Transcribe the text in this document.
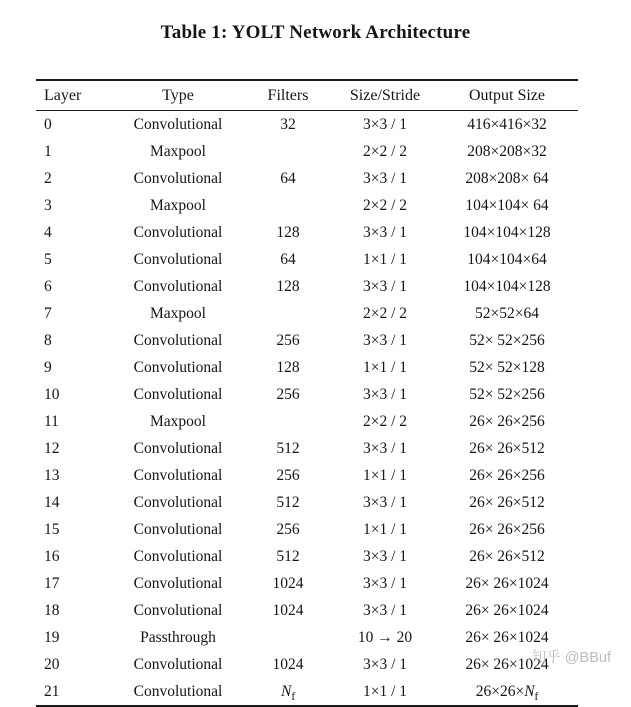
Table 1: YOLT Network Architecture
Layer	Type	Filters	Size/Stride	Output Size
0	Convolutional	32	3×3 / 1	416×416×32
1	Maxpool		2×2 / 2	208×208×32
2	Convolutional	64	3×3 / 1	208×208× 64
3	Maxpool		2×2 / 2	104×104× 64
4	Convolutional	128	3×3 / 1	104×104×128
5	Convolutional	64	1×1 / 1	104×104×64
6	Convolutional	128	3×3 / 1	104×104×128
7	Maxpool		2×2 / 2	52×52×64
8	Convolutional	256	3×3 / 1	52× 52×256
9	Convolutional	128	1×1 / 1	52× 52×128
10	Convolutional	256	3×3 / 1	52× 52×256
11	Maxpool		2×2 / 2	26× 26×256
12	Convolutional	512	3×3 / 1	26× 26×512
13	Convolutional	256	1×1 / 1	26× 26×256
14	Convolutional	512	3×3 / 1	26× 26×512
15	Convolutional	256	1×1 / 1	26× 26×256
16	Convolutional	512	3×3 / 1	26× 26×512
17	Convolutional	1024	3×3 / 1	26× 26×1024
18	Convolutional	1024	3×3 / 1	26× 26×1024
19	Passthrough		10 → 20	26× 26×1024
20	Convolutional	1024	3×3 / 1	26× 26×1024
21	Convolutional	$N_f$	1×1 / 1	$26\times 26\times N_f$
知乎 @BBuf
